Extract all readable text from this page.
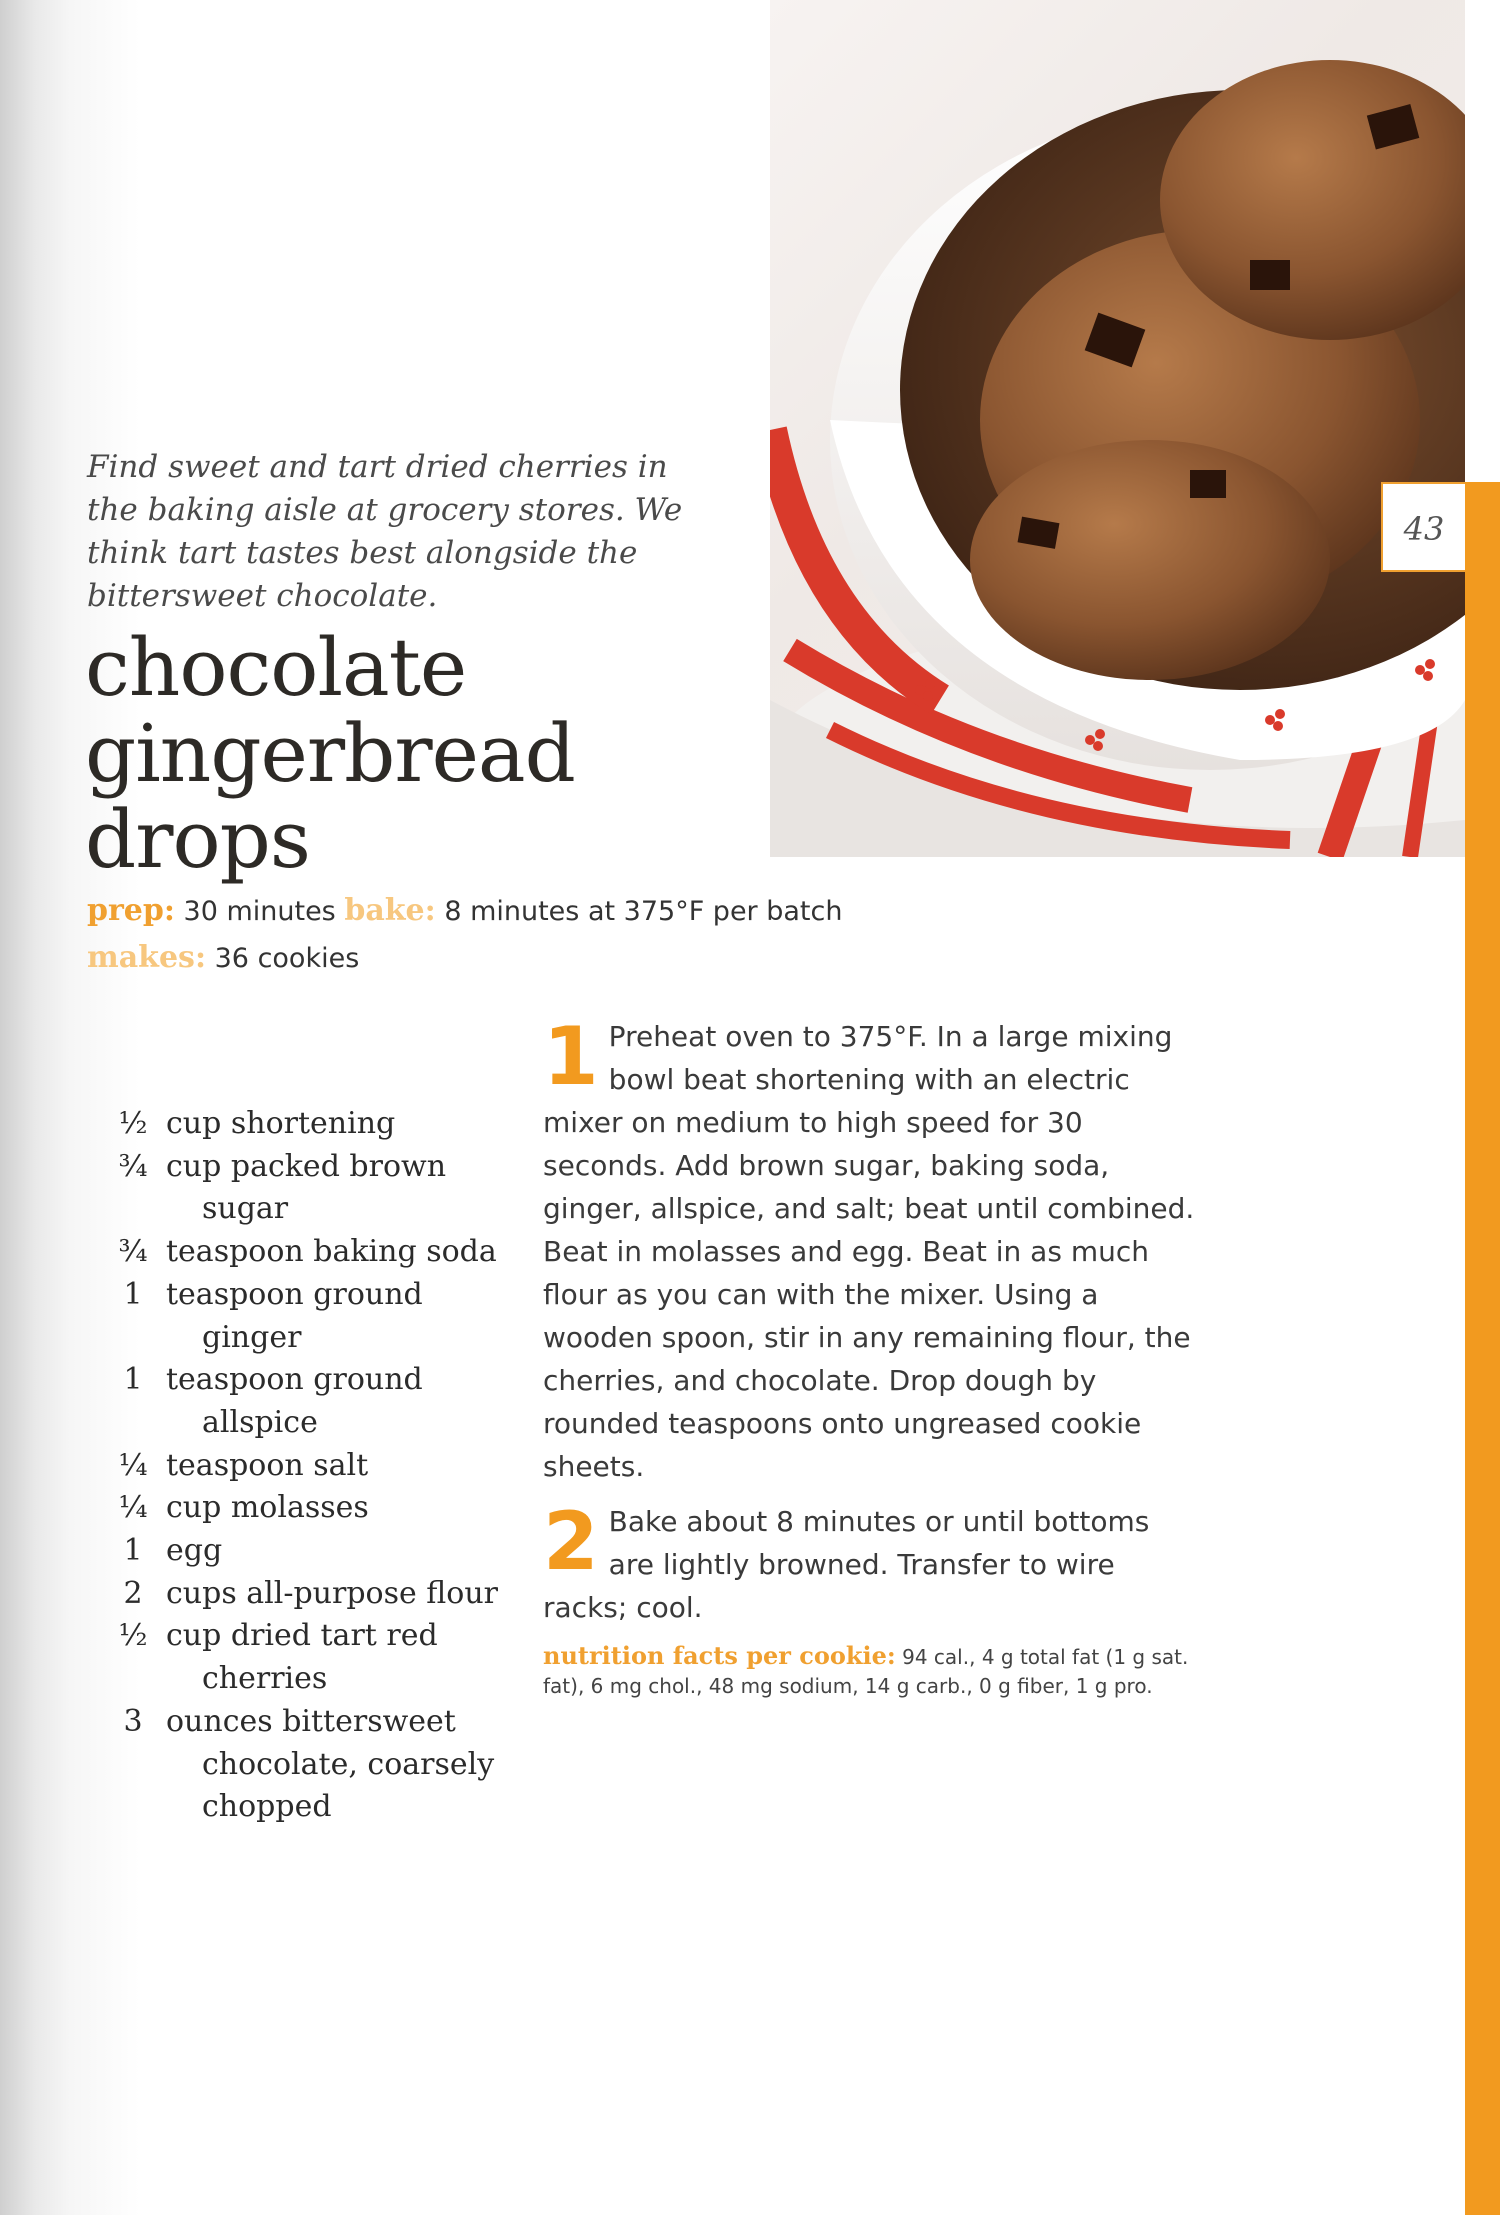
43
Find sweet and tart dried cherries in the baking aisle at grocery stores. We think tart tastes best alongside the bittersweet chocolate.
chocolate
gingerbread
drops
prep: 30 minutes bake: 8 minutes at 375°F per batch
makes: 36 cookies
½ cup shortening
¾ cup packed brown sugar
¾ teaspoon baking soda
1 teaspoon ground ginger
1 teaspoon ground allspice
¼ teaspoon salt
¼ cup molasses
1 egg
2 cups all-purpose flour
½ cup dried tart red cherries
3 ounces bittersweet chocolate, coarsely chopped
1 Preheat oven to 375°F. In a large mixing bowl beat shortening with an electric mixer on medium to high speed for 30 seconds. Add brown sugar, baking soda, ginger, allspice, and salt; beat until combined. Beat in molasses and egg. Beat in as much flour as you can with the mixer. Using a wooden spoon, stir in any remaining flour, the cherries, and chocolate. Drop dough by rounded teaspoons onto ungreased cookie sheets.
2 Bake about 8 minutes or until bottoms are lightly browned. Transfer to wire racks; cool.
nutrition facts per cookie: 94 cal., 4 g total fat (1 g sat. fat), 6 mg chol., 48 mg sodium, 14 g carb., 0 g fiber, 1 g pro.
